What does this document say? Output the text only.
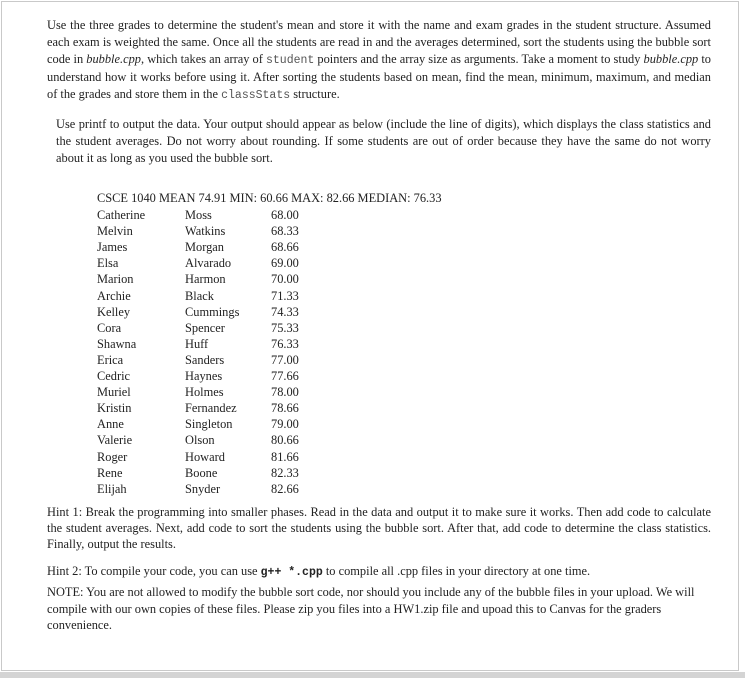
Use the three grades to determine the student's mean and store it with the name and exam grades in the student structure. Assumed each exam is weighted the same. Once all the students are read in and the averages determined, sort the students using the bubble sort code in bubble.cpp, which takes an array of student pointers and the array size as arguments. Take a moment to study bubble.cpp to understand how it works before using it. After sorting the students based on mean, find the mean, minimum, maximum, and median of the grades and store them in the classStats structure.

Use printf to output the data. Your output should appear as below (include the line of digits), which displays the class statistics and the student averages. Do not worry about rounding. If some students are out of order because they have the same do not worry about it as long as you used the bubble sort.

CSCE 1040 MEAN 74.91 MIN: 60.66 MAX: 82.66 MEDIAN: 76.33
Catherine	Moss	68.00
Melvin	Watkins	68.33
James	Morgan	68.66
Elsa	Alvarado	69.00
Marion	Harmon	70.00
Archie	Black	71.33
Kelley	Cummings	74.33
Cora	Spencer	75.33
Shawna	Huff	76.33
Erica	Sanders	77.00
Cedric	Haynes	77.66
Muriel	Holmes	78.00
Kristin	Fernandez	78.66
Anne	Singleton	79.00
Valerie	Olson	80.66
Roger	Howard	81.66
Rene	Boone	82.33
Elijah	Snyder	82.66

Hint 1: Break the programming into smaller phases. Read in the data and output it to make sure it works. Then add code to calculate the student averages. Next, add code to sort the students using the bubble sort. After that, add code to determine the class statistics. Finally, output the results.

Hint 2: To compile your code, you can use g++ *.cpp to compile all .cpp files in your directory at one time.

NOTE: You are not allowed to modify the bubble sort code, nor should you include any of the bubble files in your upload. We will compile with our own copies of these files. Please zip you files into a HW1.zip file and upoad this to Canvas for the graders convenience.
